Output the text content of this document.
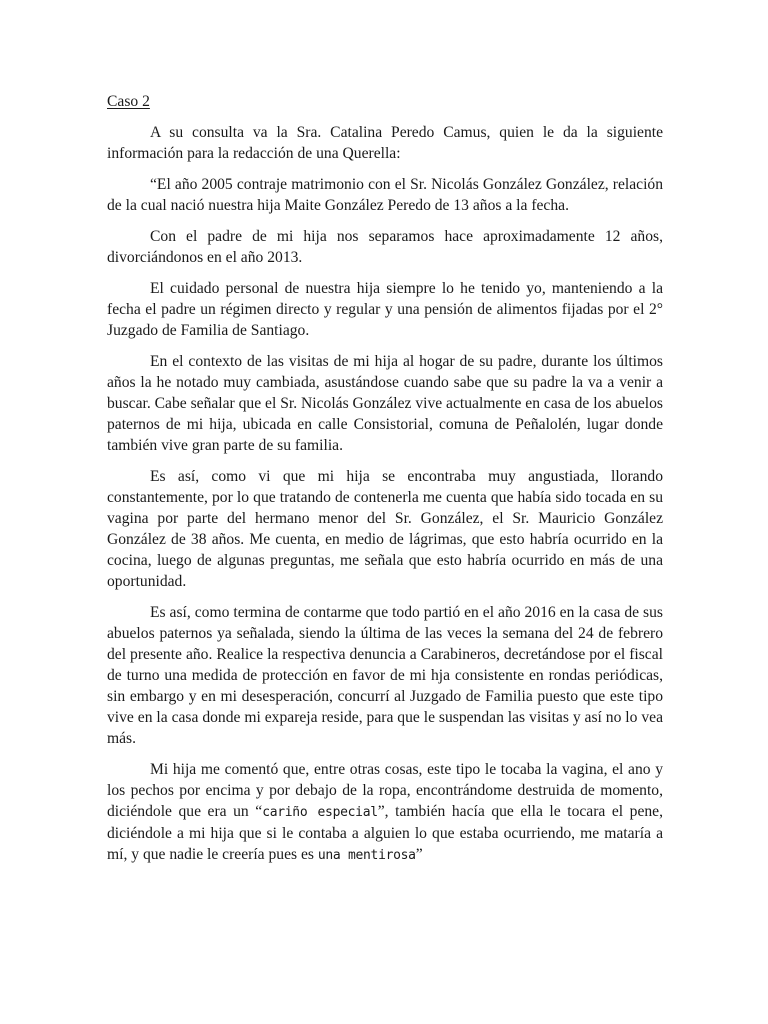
Caso 2

A su consulta va la Sra. Catalina Peredo Camus, quien le da la siguiente información para la redacción de una Querella:

“El año 2005 contraje matrimonio con el Sr. Nicolás González González, relación de la cual nació nuestra hija Maite González Peredo de 13 años a la fecha.

Con el padre de mi hija nos separamos hace aproximadamente 12 años, divorciándonos en el año 2013.

El cuidado personal de nuestra hija siempre lo he tenido yo, manteniendo a la fecha el padre un régimen directo y regular y una pensión de alimentos fijadas por el 2° Juzgado de Familia de Santiago.

En el contexto de las visitas de mi hija al hogar de su padre, durante los últimos años la he notado muy cambiada, asustándose cuando sabe que su padre la va a venir a buscar. Cabe señalar que el Sr. Nicolás González vive actualmente en casa de los abuelos paternos de mi hija, ubicada en calle Consistorial, comuna de Peñalolén, lugar donde también vive gran parte de su familia.

Es así, como vi que mi hija se encontraba muy angustiada, llorando constantemente, por lo que tratando de contenerla me cuenta que había sido tocada en su vagina por parte del hermano menor del Sr. González, el Sr. Mauricio González González de 38 años. Me cuenta, en medio de lágrimas, que esto habría ocurrido en la cocina, luego de algunas preguntas, me señala que esto habría ocurrido en más de una oportunidad.

Es así, como termina de contarme que todo partió en el año 2016 en la casa de sus abuelos paternos ya señalada, siendo la última de las veces la semana del 24 de febrero del presente año. Realice la respectiva denuncia a Carabineros, decretándose por el fiscal de turno una medida de protección en favor de mi hja consistente en rondas periódicas, sin embargo y en mi desesperación, concurrí al Juzgado de Familia puesto que este tipo vive en la casa donde mi expareja reside, para que le suspendan las visitas y así no lo vea más.

Mi hija me comentó que, entre otras cosas, este tipo le tocaba la vagina, el ano y los pechos por encima y por debajo de la ropa, encontrándome destruida de momento, diciéndole que era un “cariño especial”, también hacía que ella le tocara el pene, diciéndole a mi hija que si le contaba a alguien lo que estaba ocurriendo, me mataría a mí, y que nadie le creería pues es una mentirosa”
